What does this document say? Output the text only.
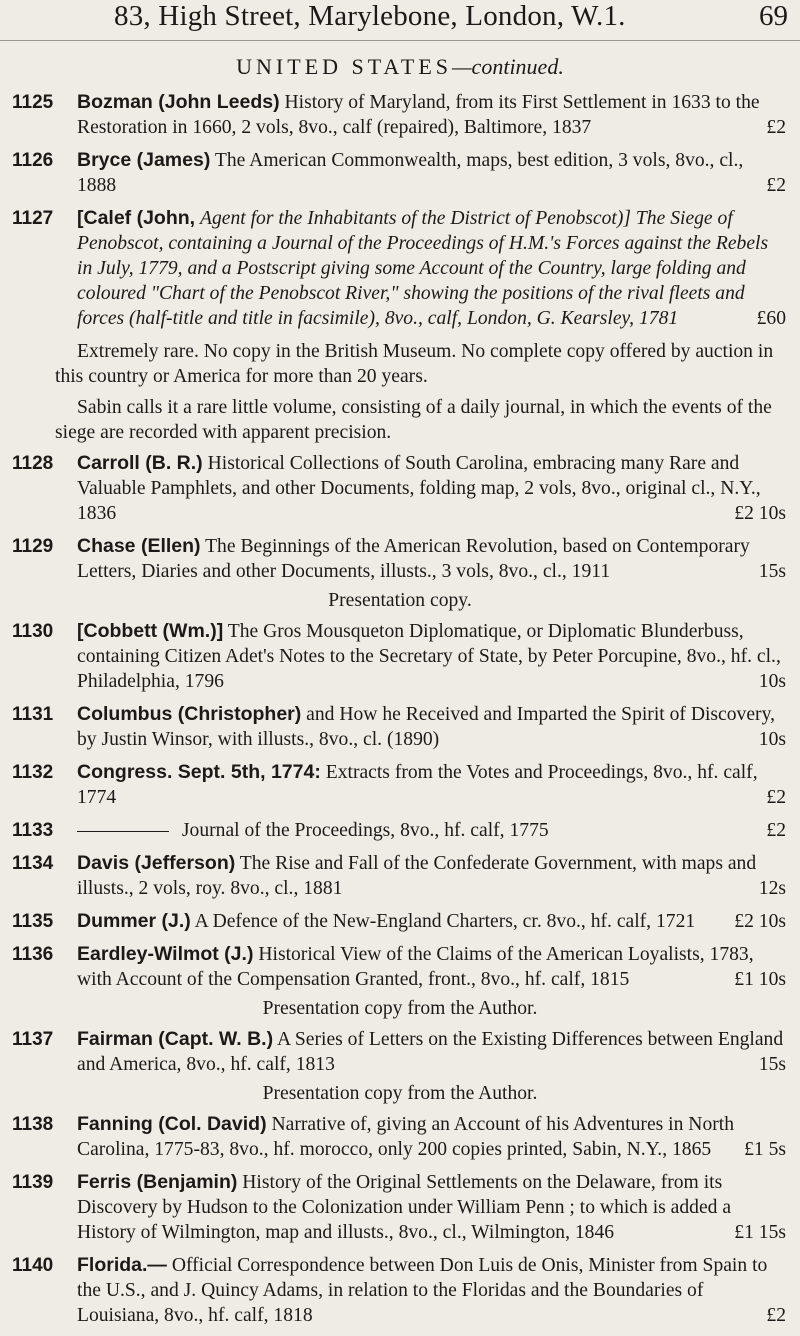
83, High Street, Marylebone, London, W.1.	69
UNITED STATES—continued.
1125 Bozman (John Leeds) History of Maryland, from its First Settlement in 1633 to the Restoration in 1660, 2 vols, 8vo., calf (repaired), Baltimore, 1837	£2
1126 Bryce (James) The American Commonwealth, maps, best edition, 3 vols, 8vo., cl., 1888	£2
1127 [Calef (John, Agent for the Inhabitants of the District of Penobscot)] The Siege of Penobscot, containing a Journal of the Proceedings of H.M.'s Forces against the Rebels in July, 1779, and a Postscript giving some Account of the Country, large folding and coloured "Chart of the Penobscot River," showing the positions of the rival fleets and forces (half-title and title in facsimile), 8vo., calf, London, G. Kearsley, 1781	£60
Extremely rare. No copy in the British Museum. No complete copy offered by auction in this country or America for more than 20 years.
Sabin calls it a rare little volume, consisting of a daily journal, in which the events of the siege are recorded with apparent precision.
1128 Carroll (B. R.) Historical Collections of South Carolina, embracing many Rare and Valuable Pamphlets, and other Documents, folding map, 2 vols, 8vo., original cl., N.Y., 1836	£2 10s
1129 Chase (Ellen) The Beginnings of the American Revolution, based on Contemporary Letters, Diaries and other Documents, illusts., 3 vols, 8vo., cl., 1911	15s
Presentation copy.
1130 [Cobbett (Wm.)] The Gros Mousqueton Diplomatique, or Diplomatic Blunderbuss, containing Citizen Adet's Notes to the Secretary of State, by Peter Porcupine, 8vo., hf. cl., Philadelphia, 1796	10s
1131 Columbus (Christopher) and How he Received and Imparted the Spirit of Discovery, by Justin Winsor, with illusts., 8vo., cl. (1890)	10s
1132 Congress. Sept. 5th, 1774: Extracts from the Votes and Proceedings, 8vo., hf. calf, 1774	£2
1133	Journal of the Proceedings, 8vo., hf. calf, 1775	£2
1134 Davis (Jefferson) The Rise and Fall of the Confederate Government, with maps and illusts., 2 vols, roy. 8vo., cl., 1881	12s
1135 Dummer (J.) A Defence of the New-England Charters, cr. 8vo., hf. calf, 1721 £2 10s
1136 Eardley-Wilmot (J.) Historical View of the Claims of the American Loyalists, 1783, with Account of the Compensation Granted, front., 8vo., hf. calf, 1815	£1 10s
Presentation copy from the Author.
1137 Fairman (Capt. W. B.) A Series of Letters on the Existing Differences between England and America, 8vo., hf. calf, 1813	15s
Presentation copy from the Author.
1138 Fanning (Col. David) Narrative of, giving an Account of his Adventures in North Carolina, 1775-83, 8vo., hf. morocco, only 200 copies printed, Sabin, N.Y., 1865 £1 5s
1139 Ferris (Benjamin) History of the Original Settlements on the Delaware, from its Discovery by Hudson to the Colonization under William Penn ; to which is added a History of Wilmington, map and illusts., 8vo., cl., Wilmington, 1846	£1 15s
1140 Florida.— Official Correspondence between Don Luis de Onis, Minister from Spain to the U.S., and J. Quincy Adams, in relation to the Floridas and the Boundaries of Louisiana, 8vo., hf. calf, 1818	£2
